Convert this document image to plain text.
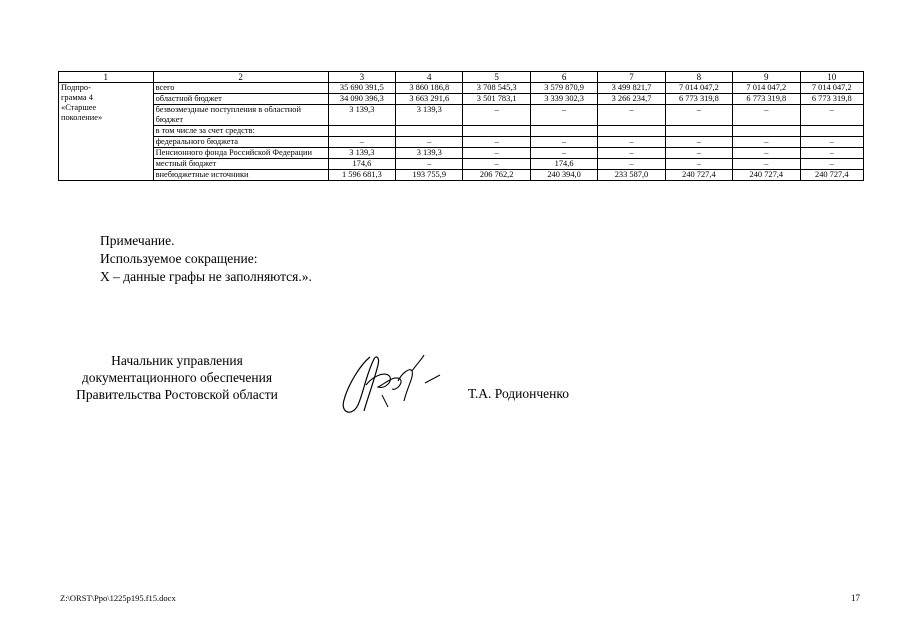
1	2	3	4	5	6	7	8	9	10

Подпро-
грамма 4
«Старшее
поколение»	всего	35 690 391,5	3 860 186,8	3 708 545,3	3 579 870,9	3 499 821,7	7 014 047,2	7 014 047,2	7 014 047,2
	областной бюджет	34 090 396,3	3 663 291,6	3 501 783,1	3 339 302,3	3 266 234,7	6 773 319,8	6 773 319,8	6 773 319,8
	безвозмездные поступления в областной бюджет	3 139,3	3 139,3	–	–	–	–	–	–
	в том числе за счет средств:								
	федерального бюджета	–	–	–	–	–	–	–	–
	Пенсионного фонда Российской Федерации	3 139,3	3 139,3	–	–	–	–	–	–
	местный бюджет	174,6	–	–	174,6	–	–	–	–
	внебюджетные источники	1 596 681,3	193 755,9	206 762,2	240 394,0	233 587,0	240 727,4	240 727,4	240 727,4
Примечание.
Используемое сокращение:
Х – данные графы не заполняются.».
Начальник управления
документационного обеспечения
Правительства Ростовской области	Т.А. Родионченко
Z:\ORST\Ppo\1225p195.f15.docx	17
